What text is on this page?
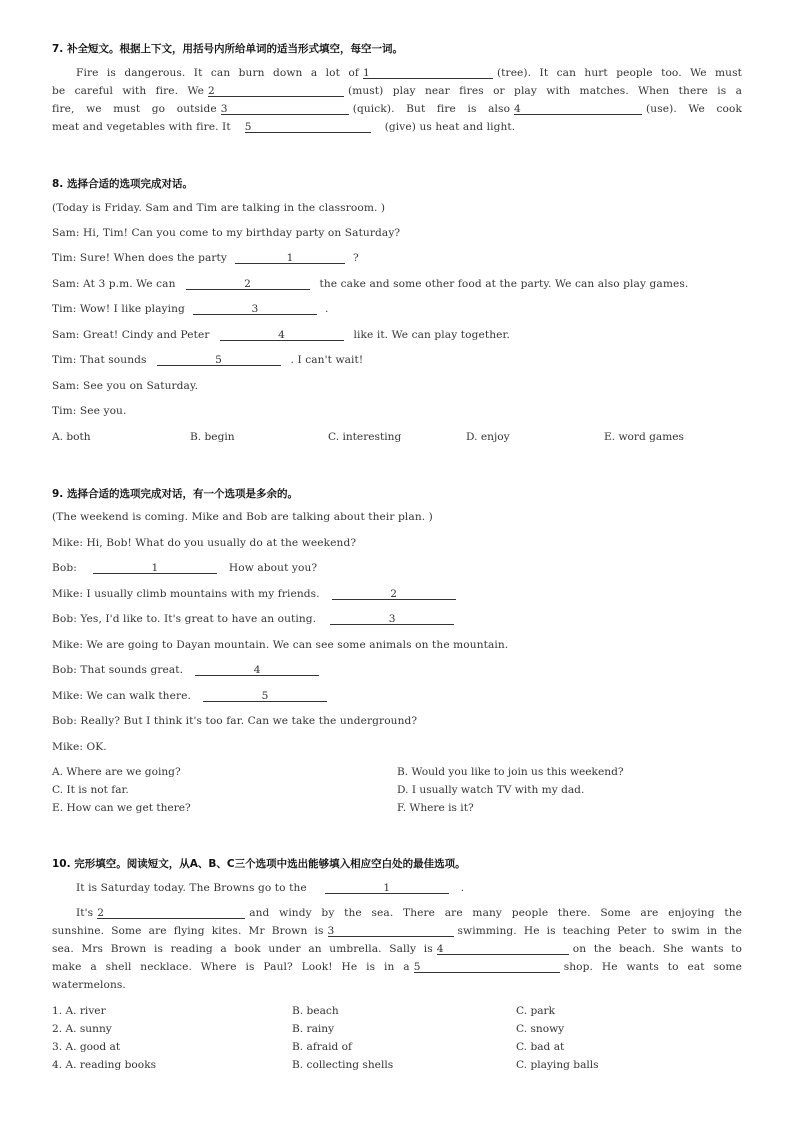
7. 补全短文。根据上下文，用括号内所给单词的适当形式填空，每空一词。
Fire is dangerous. It can burn down a lot of 1	(tree). It can hurt people too. We must
be careful with fire. We 2	(must) play near fires or play with matches. When there is a
fire, we must go outside 3	(quick). But fire is also 4	(use). We cook
meat and vegetables with fire. It 5	(give) us heat and light.
8. 选择合适的选项完成对话。
(Today is Friday. Sam and Tim are talking in the classroom. )
Sam: Hi, Tim! Can you come to my birthday party on Saturday?
Tim: Sure! When does the party	1	?
Sam: At 3 p.m. We can	2	the cake and some other food at the party. We can also play games.
Tim: Wow! I like playing	3	.
Sam: Great! Cindy and Peter	4	like it. We can play together.
Tim: That sounds	5	. I can't wait!
Sam: See you on Saturday.
Tim: See you.
A. both	B. begin	C. interesting	D. enjoy	E. word games
9. 选择合适的选项完成对话，有一个选项是多余的。
(The weekend is coming. Mike and Bob are talking about their plan. )
Mike: Hi, Bob! What do you usually do at the weekend?
Bob:	1	How about you?
Mike: I usually climb mountains with my friends.	2
Bob: Yes, I'd like to. It's great to have an outing.	3
Mike: We are going to Dayan mountain. We can see some animals on the mountain.
Bob: That sounds great.	4
Mike: We can walk there.	5
Bob: Really? But I think it's too far. Can we take the underground?
Mike: OK.
A. Where are we going?	B. Would you like to join us this weekend?
C. It is not far.	D. I usually watch TV with my dad.
E. How can we get there?	F. Where is it?
10. 完形填空。阅读短文，从A、B、C三个选项中选出能够填入相应空白处的最佳选项。
It is Saturday today. The Browns go to the	1	.
It's 2	and windy by the sea. There are many people there. Some are enjoying the
sunshine. Some are flying kites. Mr Brown is 3	swimming. He is teaching Peter to swim in the
sea. Mrs Brown is reading a book under an umbrella. Sally is 4	on the beach. She wants to
make a shell necklace. Where is Paul? Look! He is in a 5	shop. He wants to eat some
watermelons.
1. A. river	B. beach	C. park
2. A. sunny	B. rainy	C. snowy
3. A. good at	B. afraid of	C. bad at
4. A. reading books	B. collecting shells	C. playing balls
